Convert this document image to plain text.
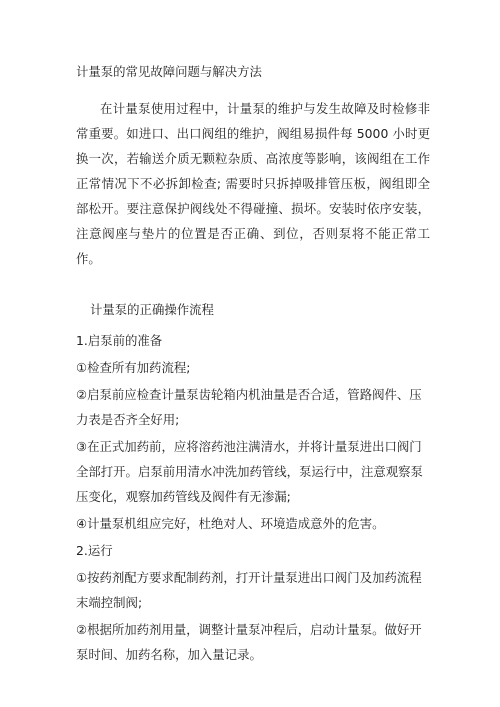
计量泵的常见故障问题与解决方法

在计量泵使用过程中，计量泵的维护与发生故障及时检修非常重要。如进口、出口阀组的维护，阀组易损件每 5000 小时更换一次，若输送介质无颗粒杂质、高浓度等影响，该阀组在工作正常情况下不必拆卸检查; 需要时只拆掉吸排管压板，阀组即全部松开。要注意保护阀线处不得碰撞、损坏。安装时依序安装，注意阀座与垫片的位置是否正确、到位，否则泵将不能正常工作。

计量泵的正确操作流程
1.启泵前的准备

①检查所有加药流程;

②启泵前应检查计量泵齿轮箱内机油量是否合适，管路阀件、压力表是否齐全好用;

③在正式加药前，应将溶药池注满清水，并将计量泵进出口阀门全部打开。启泵前用清水冲洗加药管线，泵运行中，注意观察泵压变化，观察加药管线及阀件有无渗漏;

④计量泵机组应完好，杜绝对人、环境造成意外的危害。

2.运行

①按药剂配方要求配制药剂，打开计量泵进出口阀门及加药流程末端控制阀;

②根据所加药剂用量，调整计量泵冲程后，启动计量泵。做好开泵时间、加药名称，加入量记录。
